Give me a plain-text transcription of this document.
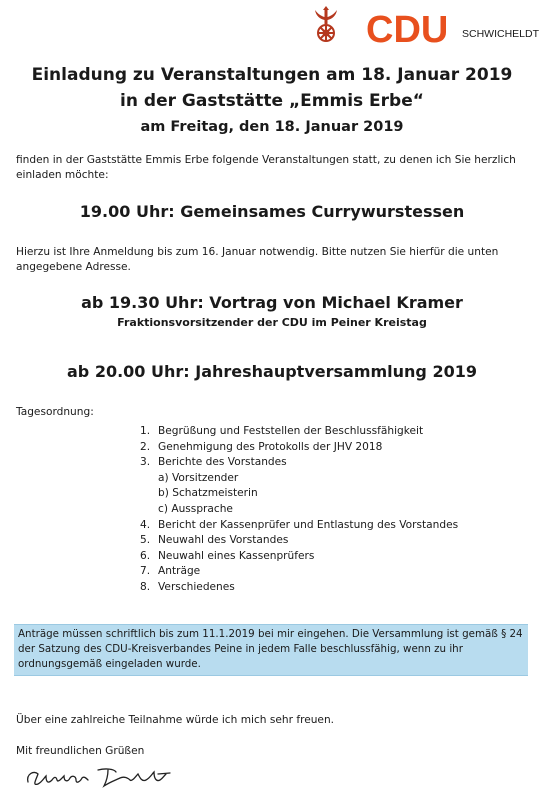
CDU SCHWICHELDT
Einladung zu Veranstaltungen am 18. Januar 2019
in der Gaststätte „Emmis Erbe“
am Freitag, den 18. Januar 2019
finden in der Gaststätte Emmis Erbe folgende Veranstaltungen statt, zu denen ich Sie herzlich einladen möchte:
19.00 Uhr: Gemeinsames Currywurstessen
Hierzu ist Ihre Anmeldung bis zum 16. Januar notwendig. Bitte nutzen Sie hierfür die unten angegebene Adresse.
ab 19.30 Uhr: Vortrag von Michael Kramer
Fraktionsvorsitzender der CDU im Peiner Kreistag
ab 20.00 Uhr: Jahreshauptversammlung 2019
Tagesordnung:
1. Begrüßung und Feststellen der Beschlussfähigkeit
2. Genehmigung des Protokolls der JHV 2018
3. Berichte des Vorstandes
a) Vorsitzender
b) Schatzmeisterin
c) Aussprache
4. Bericht der Kassenprüfer und Entlastung des Vorstandes
5. Neuwahl des Vorstandes
6. Neuwahl eines Kassenprüfers
7. Anträge
8. Verschiedenes
Anträge müssen schriftlich bis zum 11.1.2019 bei mir eingehen. Die Versammlung ist gemäß § 24 der Satzung des CDU-Kreisverbandes Peine in jedem Falle beschlussfähig, wenn zu ihr ordnungsgemäß eingeladen wurde.
Über eine zahlreiche Teilnahme würde ich mich sehr freuen.
Mit freundlichen Grüßen
